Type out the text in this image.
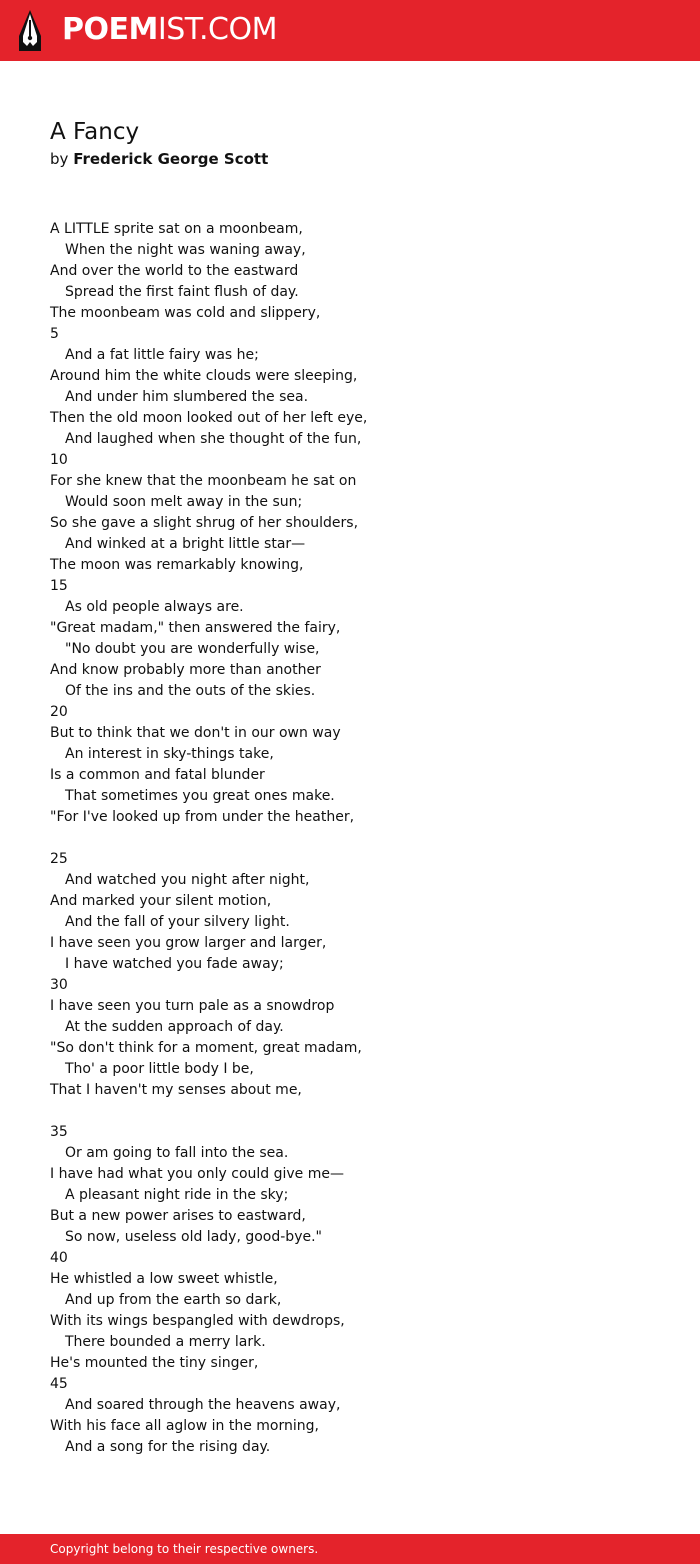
POEMIST.COM
A Fancy
by Frederick George Scott
A LITTLE sprite sat on a moonbeam,
When the night was waning away,
And over the world to the eastward
Spread the first faint flush of day.
The moonbeam was cold and slippery,
5
And a fat little fairy was he;
Around him the white clouds were sleeping,
And under him slumbered the sea.
Then the old moon looked out of her left eye,
And laughed when she thought of the fun,
10
For she knew that the moonbeam he sat on
Would soon melt away in the sun;
So she gave a slight shrug of her shoulders,
And winked at a bright little star—
The moon was remarkably knowing,
15
As old people always are.
"Great madam," then answered the fairy,
"No doubt you are wonderfully wise,
And know probably more than another
Of the ins and the outs of the skies.
20
But to think that we don't in our own way
An interest in sky-things take,
Is a common and fatal blunder
That sometimes you great ones make.
"For I've looked up from under the heather,
25
And watched you night after night,
And marked your silent motion,
And the fall of your silvery light.
I have seen you grow larger and larger,
I have watched you fade away;
30
I have seen you turn pale as a snowdrop
At the sudden approach of day.
"So don't think for a moment, great madam,
Tho' a poor little body I be,
That I haven't my senses about me,
35
Or am going to fall into the sea.
I have had what you only could give me—
A pleasant night ride in the sky;
But a new power arises to eastward,
So now, useless old lady, good-bye."
40
He whistled a low sweet whistle,
And up from the earth so dark,
With its wings bespangled with dewdrops,
There bounded a merry lark.
He's mounted the tiny singer,
45
And soared through the heavens away,
With his face all aglow in the morning,
And a song for the rising day.
Copyright belong to their respective owners.
